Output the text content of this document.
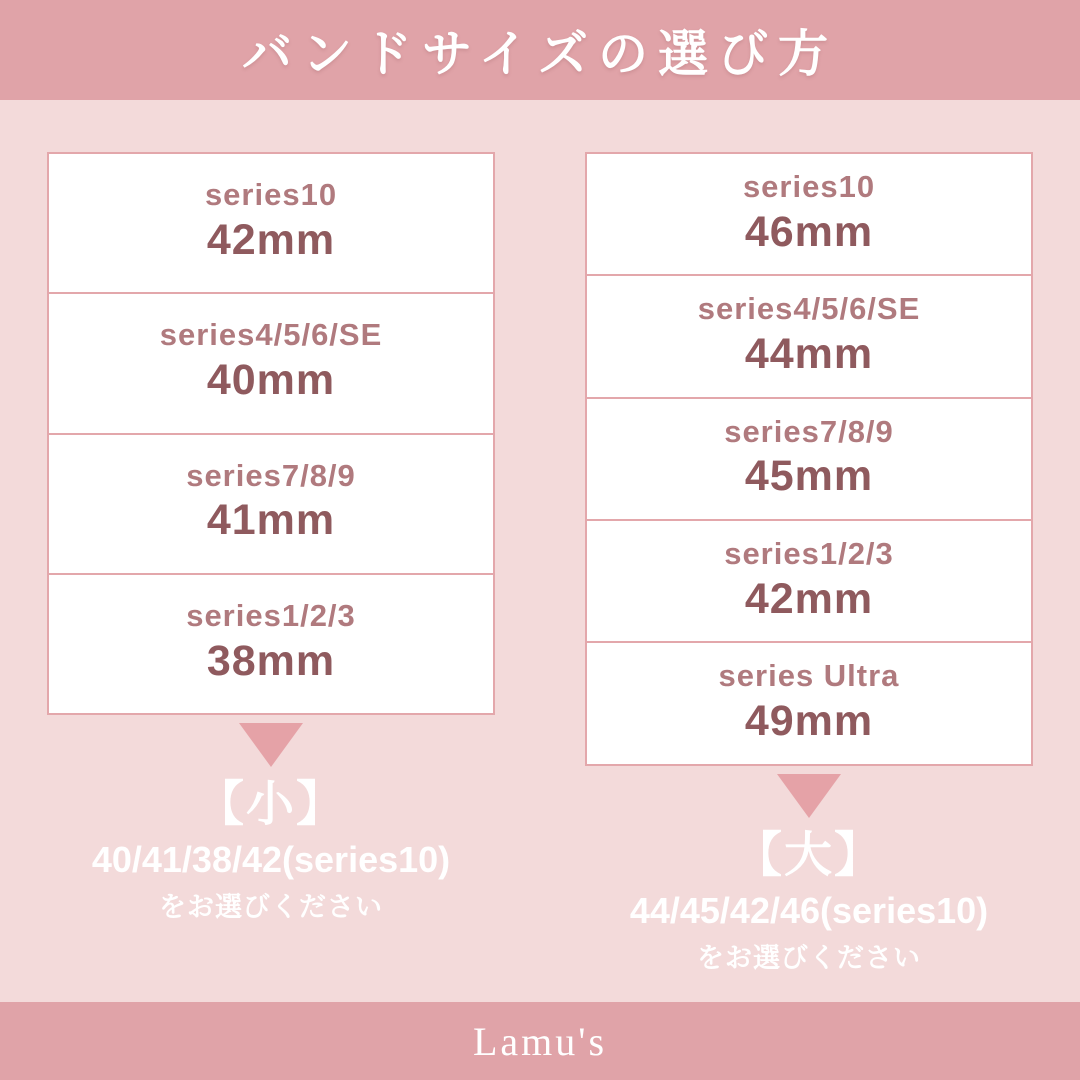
バンドサイズの選び方
series10
42mm
series4/5/6/SE
40mm
series7/8/9
41mm
series1/2/3
38mm
【小】
40/41/38/42(series10)
をお選びください
series10
46mm
series4/5/6/SE
44mm
series7/8/9
45mm
series1/2/3
42mm
series Ultra
49mm
【大】
44/45/42/46(series10)
をお選びください
Lamu's
